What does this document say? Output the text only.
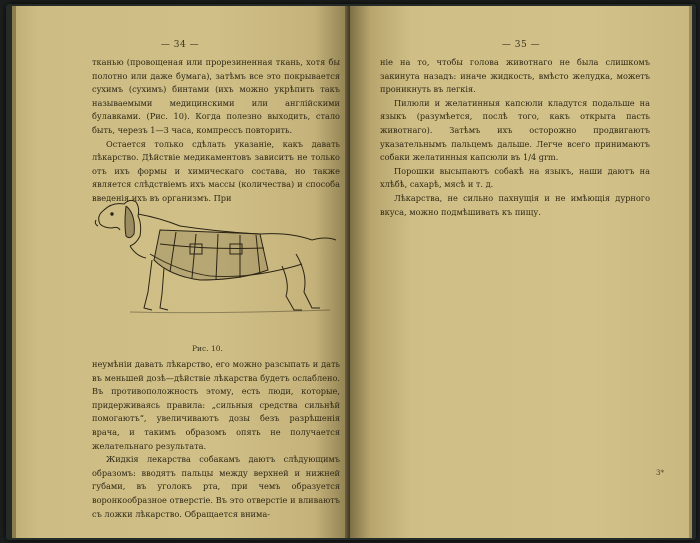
— 34 —

тканью (провощеная или прорезиненная ткань, хотя бы полотно или даже бумага), затѣмъ все это покрывается сухимъ (сухимъ) бинтами (ихъ можно укрѣпить такъ называемыми медицинскими или англійскими булавками. (Рис. 10). Когда полезно выходить, стало быть, черезъ 1—3 часа, компрессъ повторить.

Остается только сдѣлать указаніе, какъ давать лѣкарство. Дѣйствіе медикаментовъ зависитъ не только отъ ихъ формы и химическаго состава, но также является слѣдствіемъ ихъ массы (количества) и способа введенія ихъ въ организмъ. При

Рис. 10.

неумѣніи давать лѣкарство, его можно разсыпать и дать въ меньшей дозѣ—дѣйствіе лѣкарства будетъ ослаблено. Въ противоположность этому, есть люди, которые, придерживаясь правила: „сильныя средства сильнѣй помогаютъ“, увеличиваютъ дозы безъ разрѣшенія врача, и такимъ образомъ опять не получается желательнаго результата.

Жидкія лекарства собакамъ даютъ слѣдующимъ образомъ: вводятъ пальцы между верхней и нижней губами, въ уголокъ рта, при чемъ образуется воронкообразное отверстіе. Въ это отверстіе и вливаютъ съ ложки лѣкарство. Обращается внима-

— 35 —

ніе на то, чтобы голова животнаго не была слишкомъ закинута назадъ: иначе жидкость, вмѣсто желудка, можетъ проникнуть въ легкія.

Пилюли и желатинныя капсюли кладутся подальше на языкъ (разумѣется, послѣ того, какъ открыта пасть животнаго). Затѣмъ ихъ осторожно продвигаютъ указательнымъ пальцемъ дальше. Легче всего принимаютъ собаки желатинныя капсюли въ 1/4 grm.

Порошки высыпаютъ собакѣ на языкъ, наши даютъ на хлѣбѣ, сахарѣ, мясѣ и т. д.

Лѣкарства, не сильно пахнущія и не имѣющія дурного вкуса, можно подмѣшивать къ пищу.

3*
